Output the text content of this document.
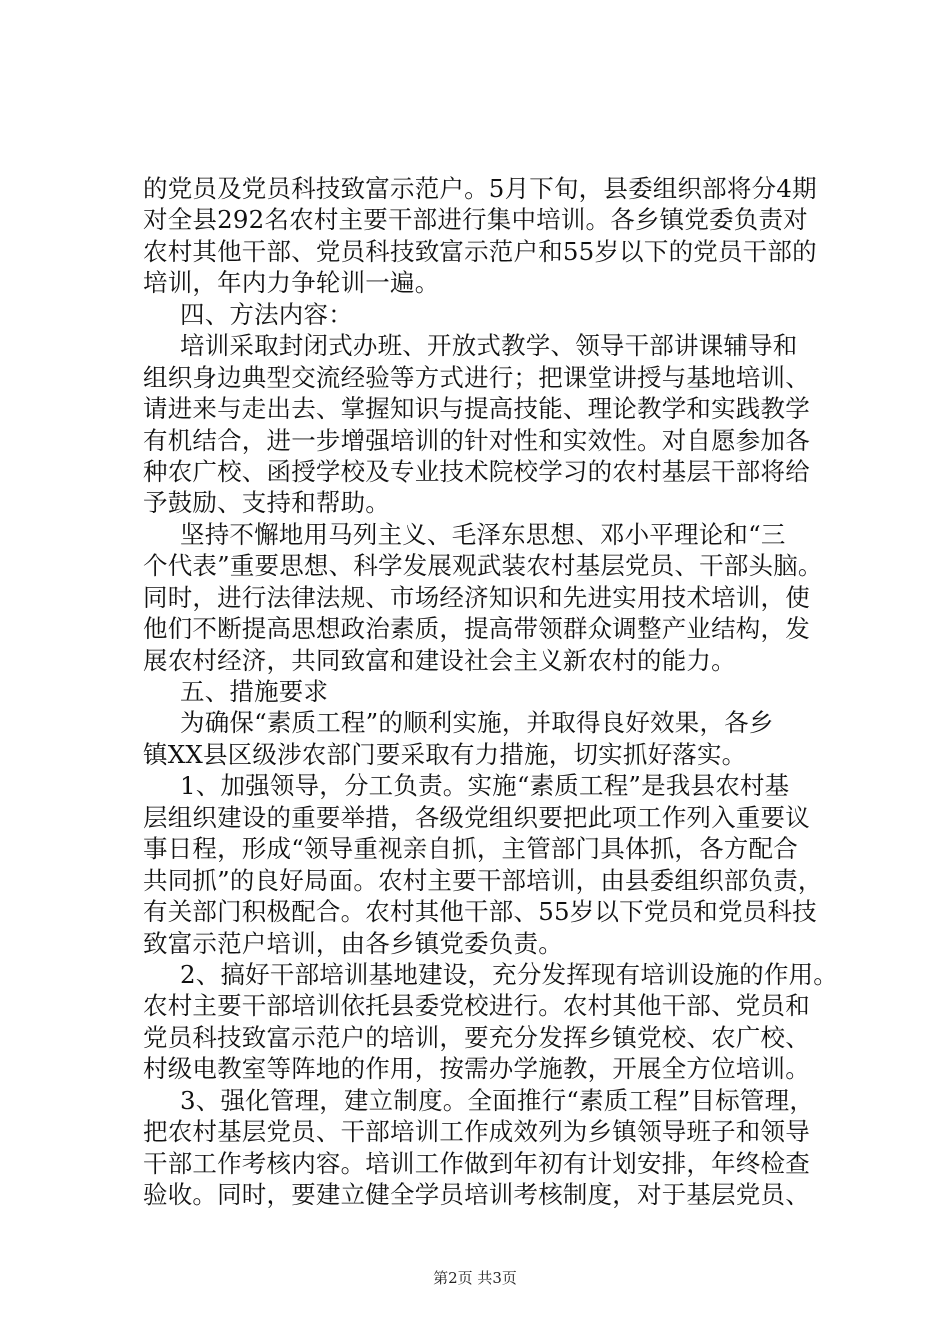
的党员及党员科技致富示范户。5月下旬，县委组织部将分4期
对全县292名农村主要干部进行集中培训。各乡镇党委负责对
农村其他干部、党员科技致富示范户和55岁以下的党员干部的
培训，年内力争轮训一遍。
四、方法内容：
培训采取封闭式办班、开放式教学、领导干部讲课辅导和
组织身边典型交流经验等方式进行；把课堂讲授与基地培训、
请进来与走出去、掌握知识与提高技能、理论教学和实践教学
有机结合，进一步增强培训的针对性和实效性。对自愿参加各
种农广校、函授学校及专业技术院校学习的农村基层干部将给
予鼓励、支持和帮助。
坚持不懈地用马列主义、毛泽东思想、邓小平理论和“三
个代表”重要思想、科学发展观武装农村基层党员、干部头脑。
同时，进行法律法规、市场经济知识和先进实用技术培训，使
他们不断提高思想政治素质，提高带领群众调整产业结构，发
展农村经济，共同致富和建设社会主义新农村的能力。
五、措施要求
为确保“素质工程”的顺利实施，并取得良好效果，各乡
镇XX县区级涉农部门要采取有力措施，切实抓好落实。
1、加强领导，分工负责。实施“素质工程”是我县农村基
层组织建设的重要举措，各级党组织要把此项工作列入重要议
事日程，形成“领导重视亲自抓，主管部门具体抓，各方配合
共同抓”的良好局面。农村主要干部培训，由县委组织部负责，
有关部门积极配合。农村其他干部、55岁以下党员和党员科技
致富示范户培训，由各乡镇党委负责。
2、搞好干部培训基地建设，充分发挥现有培训设施的作用。
农村主要干部培训依托县委党校进行。农村其他干部、党员和
党员科技致富示范户的培训，要充分发挥乡镇党校、农广校、
村级电教室等阵地的作用，按需办学施教，开展全方位培训。
3、强化管理，建立制度。全面推行“素质工程”目标管理，
把农村基层党员、干部培训工作成效列为乡镇领导班子和领导
干部工作考核内容。培训工作做到年初有计划安排，年终检查
验收。同时，要建立健全学员培训考核制度，对于基层党员、
第2页 共3页
